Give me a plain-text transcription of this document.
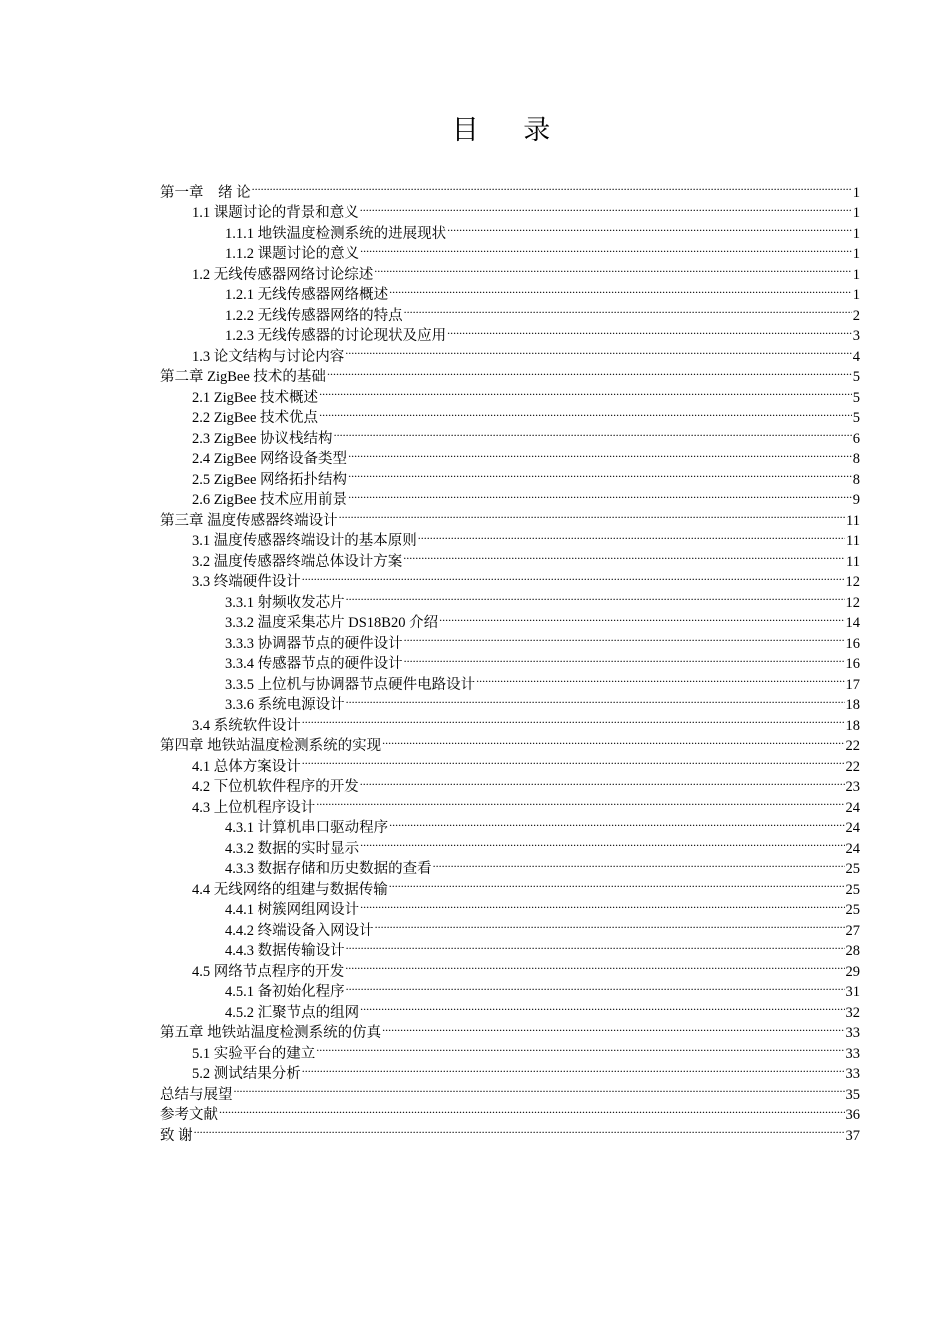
目 录
第一章　绪 论 .....	1
1.1 课题讨论的背景和意义 .....	1
1.1.1 地铁温度检测系统的进展现状 .....	1
1.1.2 课题讨论的意义 .....	1
1.2 无线传感器网络讨论综述 .....	1
1.2.1 无线传感器网络概述 .....	1
1.2.2 无线传感器网络的特点 .....	2
1.2.3 无线传感器的讨论现状及应用 .....	3
1.3 论文结构与讨论内容 .....	4
第二章 ZigBee 技术的基础 .....	5
2.1 ZigBee 技术概述 .....	5
2.2 ZigBee 技术优点 .....	5
2.3 ZigBee 协议栈结构 .....	6
2.4 ZigBee 网络设备类型 .....	8
2.5 ZigBee 网络拓扑结构 .....	8
2.6 ZigBee 技术应用前景 .....	9
第三章 温度传感器终端设计 .....	11
3.1 温度传感器终端设计的基本原则 .....	11
3.2 温度传感器终端总体设计方案 .....	11
3.3 终端硬件设计 .....	12
3.3.1 射频收发芯片 .....	12
3.3.2 温度采集芯片 DS18B20 介绍 .....	14
3.3.3 协调器节点的硬件设计 .....	16
3.3.4 传感器节点的硬件设计 .....	16
3.3.5 上位机与协调器节点硬件电路设计 .....	17
3.3.6 系统电源设计 .....	18
3.4 系统软件设计 .....	18
第四章 地铁站温度检测系统的实现 .....	22
4.1 总体方案设计 .....	22
4.2 下位机软件程序的开发 .....	23
4.3 上位机程序设计 .....	24
4.3.1 计算机串口驱动程序 .....	24
4.3.2 数据的实时显示 .....	24
4.3.3 数据存储和历史数据的查看 .....	25
4.4 无线网络的组建与数据传输 .....	25
4.4.1 树簇网组网设计 .....	25
4.4.2 终端设备入网设计 .....	27
4.4.3 数据传输设计 .....	28
4.5 网络节点程序的开发 .....	29
4.5.1 备初始化程序 .....	31
4.5.2 汇聚节点的组网 .....	32
第五章 地铁站温度检测系统的仿真 .....	33
5.1 实验平台的建立 .....	33
5.2 测试结果分析 .....	33
总结与展望 .....	35
参考文献 .....	36
致 谢 .....	37
